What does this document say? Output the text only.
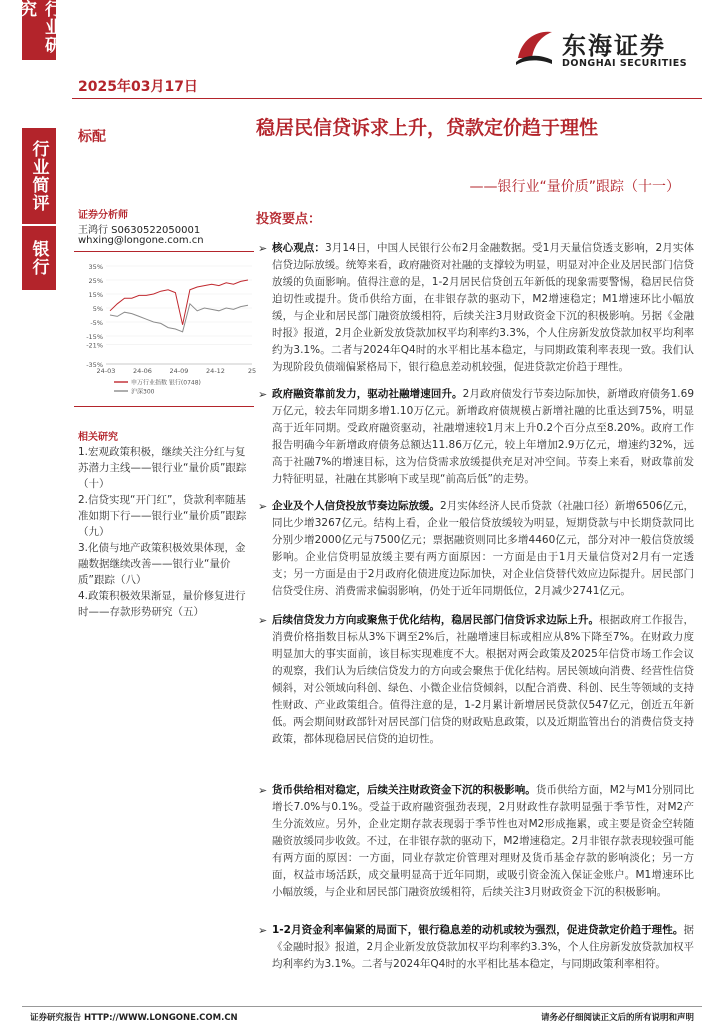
行业研究
行业简评
银行
2025年03月17日
东海证券
DONGHAI SECURITIES
标配	稳居民信贷诉求上升，贷款定价趋于理性
——银行业“量价质”跟踪（十一）
证券分析师
王鸿行 S0630522050001
whxing@longone.com.cn
35%
25%
15%
5%
-5%
-15%
-21%
-35%
24-03	24-06	24-09	24-12	25
申万行业指数 银行(0748)
沪深300
相关研究

1.宏观政策积极，继续关注分红与复苏潜力主线——银行业“量价质”跟踪（十）

2.信贷实现“开门红”，贷款利率随基准如期下行——银行业“量价质”跟踪（九）

3.化债与地产政策积极效果体现，金融数据继续改善——银行业“量价质”跟踪（八）

4.政策积极效果渐显，量价修复进行时——存款形势研究（五）

投资要点：
➢ 核心观点：3月14日，中国人民银行公布2月金融数据。受1月天量信贷透支影响，2月实体信贷边际放缓。统筹来看，政府融资对社融的支撑较为明显，明显对冲企业及居民部门信贷放缓的负面影响。值得注意的是，1-2月居民信贷创五年新低的现象需要警惕，稳居民信贷迫切性或提升。货币供给方面，在非银存款的驱动下，M2增速稳定；M1增速环比小幅放缓，与企业和居民部门融资放缓相符，后续关注3月财政资金下沉的积极影响。另据《金融时报》报道，2月企业新发放贷款加权平均利率约3.3%，个人住房新发放贷款加权平均利率约为3.1%。二者与2024年Q4时的水平相比基本稳定，与同期政策利率表现一致。我们认为现阶段负债端偏紧格局下，银行稳息差动机较强，促进贷款定价趋于理性。
➢ 政府融资靠前发力，驱动社融增速回升。2月政府债发行节奏边际加快，新增政府债务1.69万亿元，较去年同期多增1.10万亿元。新增政府债规模占新增社融的比重达到75%，明显高于近年同期。受政府融资驱动，社融增速较1月末上升0.2个百分点至8.20%。政府工作报告明确今年新增政府债务总额达11.86万亿元，较上年增加2.9万亿元，增速约32%，远高于社融7%的增速目标，这为信贷需求放缓提供充足对冲空间。节奏上来看，财政靠前发力特征明显，社融在其影响下或呈现“前高后低”的走势。
➢ 企业及个人信贷投放节奏边际放缓。2月实体经济人民币贷款（社融口径）新增6506亿元，同比少增3267亿元。结构上看，企业一般信贷放缓较为明显，短期贷款与中长期贷款同比分别少增2000亿元与7500亿元；票据融资则同比多增4460亿元，部分对冲一般信贷放缓影响。企业信贷明显放缓主要有两方面原因：一方面是由于1月天量信贷对2月有一定透支；另一方面是由于2月政府化债进度边际加快，对企业信贷替代效应边际提升。居民部门信贷受住房、消费需求偏弱影响，仍处于近年同期低位，2月减少2741亿元。
➢ 后续信贷发力方向或聚焦于优化结构，稳居民部门信贷诉求边际上升。根据政府工作报告，消费价格指数目标从3%下调至2%后，社融增速目标或相应从8%下降至7%。在财政力度明显加大的事实面前，该目标实现难度不大。根据对两会政策及2025年信贷市场工作会议的观察，我们认为后续信贷发力的方向或会聚焦于优化结构。居民领域向消费、经营性信贷倾斜，对公领域向科创、绿色、小微企业信贷倾斜，以配合消费、科创、民生等领域的支持性财政、产业政策组合。值得注意的是，1-2月累计新增居民贷款仅547亿元，创近五年新低。两会期间财政部针对居民部门信贷的财政贴息政策，以及近期监管出台的消费信贷支持政策，都体现稳居民信贷的迫切性。
➢ 货币供给相对稳定，后续关注财政资金下沉的积极影响。货币供给方面，M2与M1分别同比增长7.0%与0.1%。受益于政府融资强劲表现，2月财政性存款明显强于季节性，对M2产生分流效应。另外，企业定期存款表现弱于季节性也对M2形成拖累，或主要是资金空转随融资放缓同步收敛。不过，在非银存款的驱动下，M2增速稳定。2月非银存款表现较强可能有两方面的原因：一方面，同业存款定价管理对理财及货币基金存款的影响淡化；另一方面，权益市场活跃，成交量明显高于近年同期，或吸引资金流入保证金账户。M1增速环比小幅放缓，与企业和居民部门融资放缓相符，后续关注3月财政资金下沉的积极影响。
➢ 1-2月资金利率偏紧的局面下，银行稳息差的动机或较为强烈，促进贷款定价趋于理性。据《金融时报》报道，2月企业新发放贷款加权平均利率约3.3%，个人住房新发放贷款加权平均利率约为3.1%。二者与2024年Q4时的水平相比基本稳定，与同期政策利率相符。
证券研究报告 HTTP://WWW.LONGONE.COM.CN	请务必仔细阅读正文后的所有说明和声明
